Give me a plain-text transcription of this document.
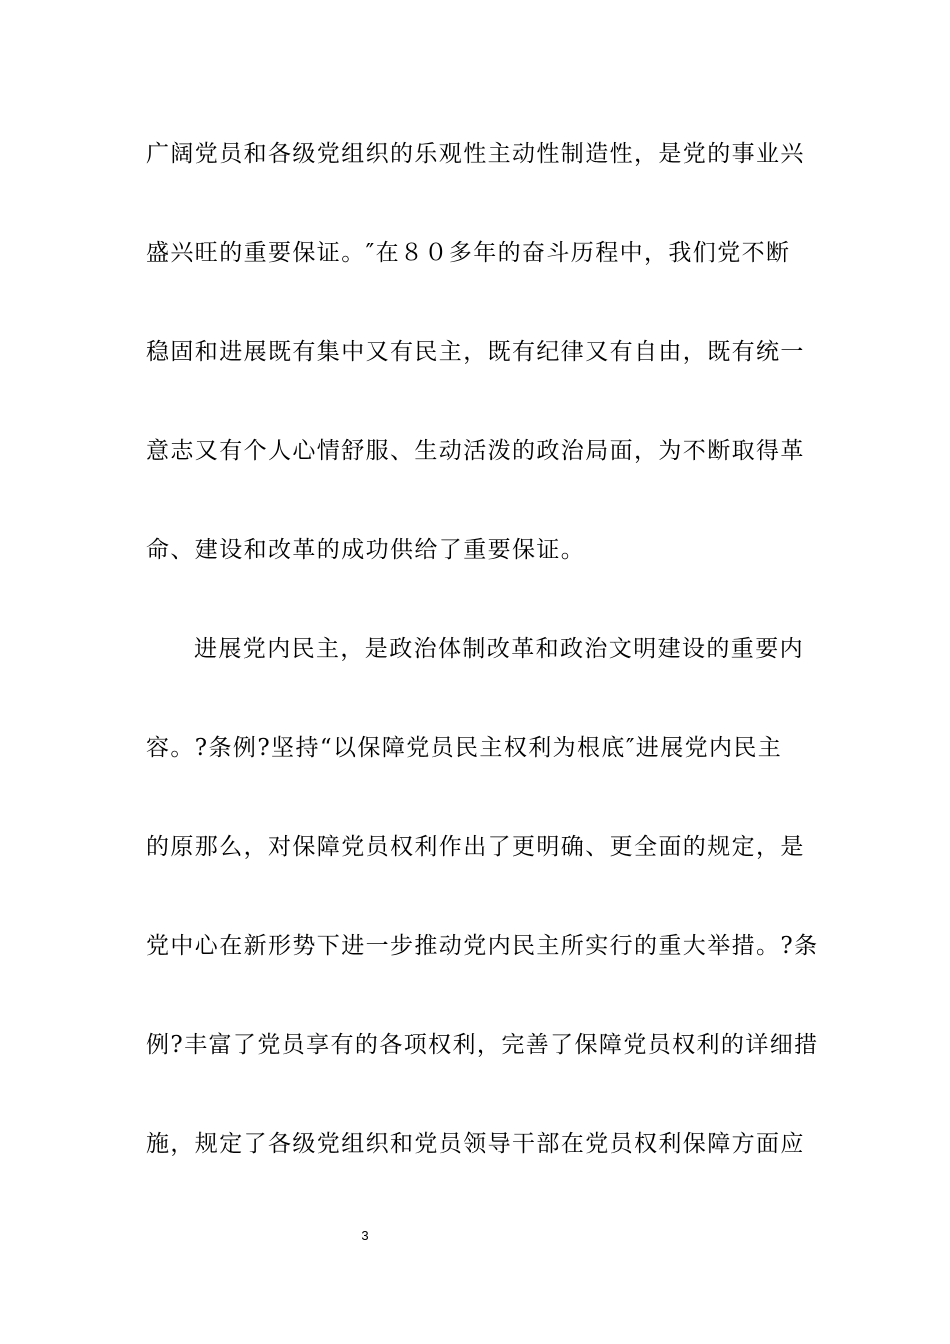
广阔党员和各级党组织的乐观性主动性制造性，是党的事业兴
盛兴旺的重要保证。″在８０多年的奋斗历程中，我们党不断
稳固和进展既有集中又有民主，既有纪律又有自由，既有统一
意志又有个人心情舒服、生动活泼的政治局面，为不断取得革
命、建设和改革的成功供给了重要保证。
进展党内民主，是政治体制改革和政治文明建设的重要内
容。?条例?坚持“以保障党员民主权利为根底″进展党内民主
的原那么，对保障党员权利作出了更明确、更全面的规定，是
党中心在新形势下进一步推动党内民主所实行的重大举措。?条
例?丰富了党员享有的各项权利，完善了保障党员权利的详细措
施，规定了各级党组织和党员领导干部在党员权利保障方面应
3
